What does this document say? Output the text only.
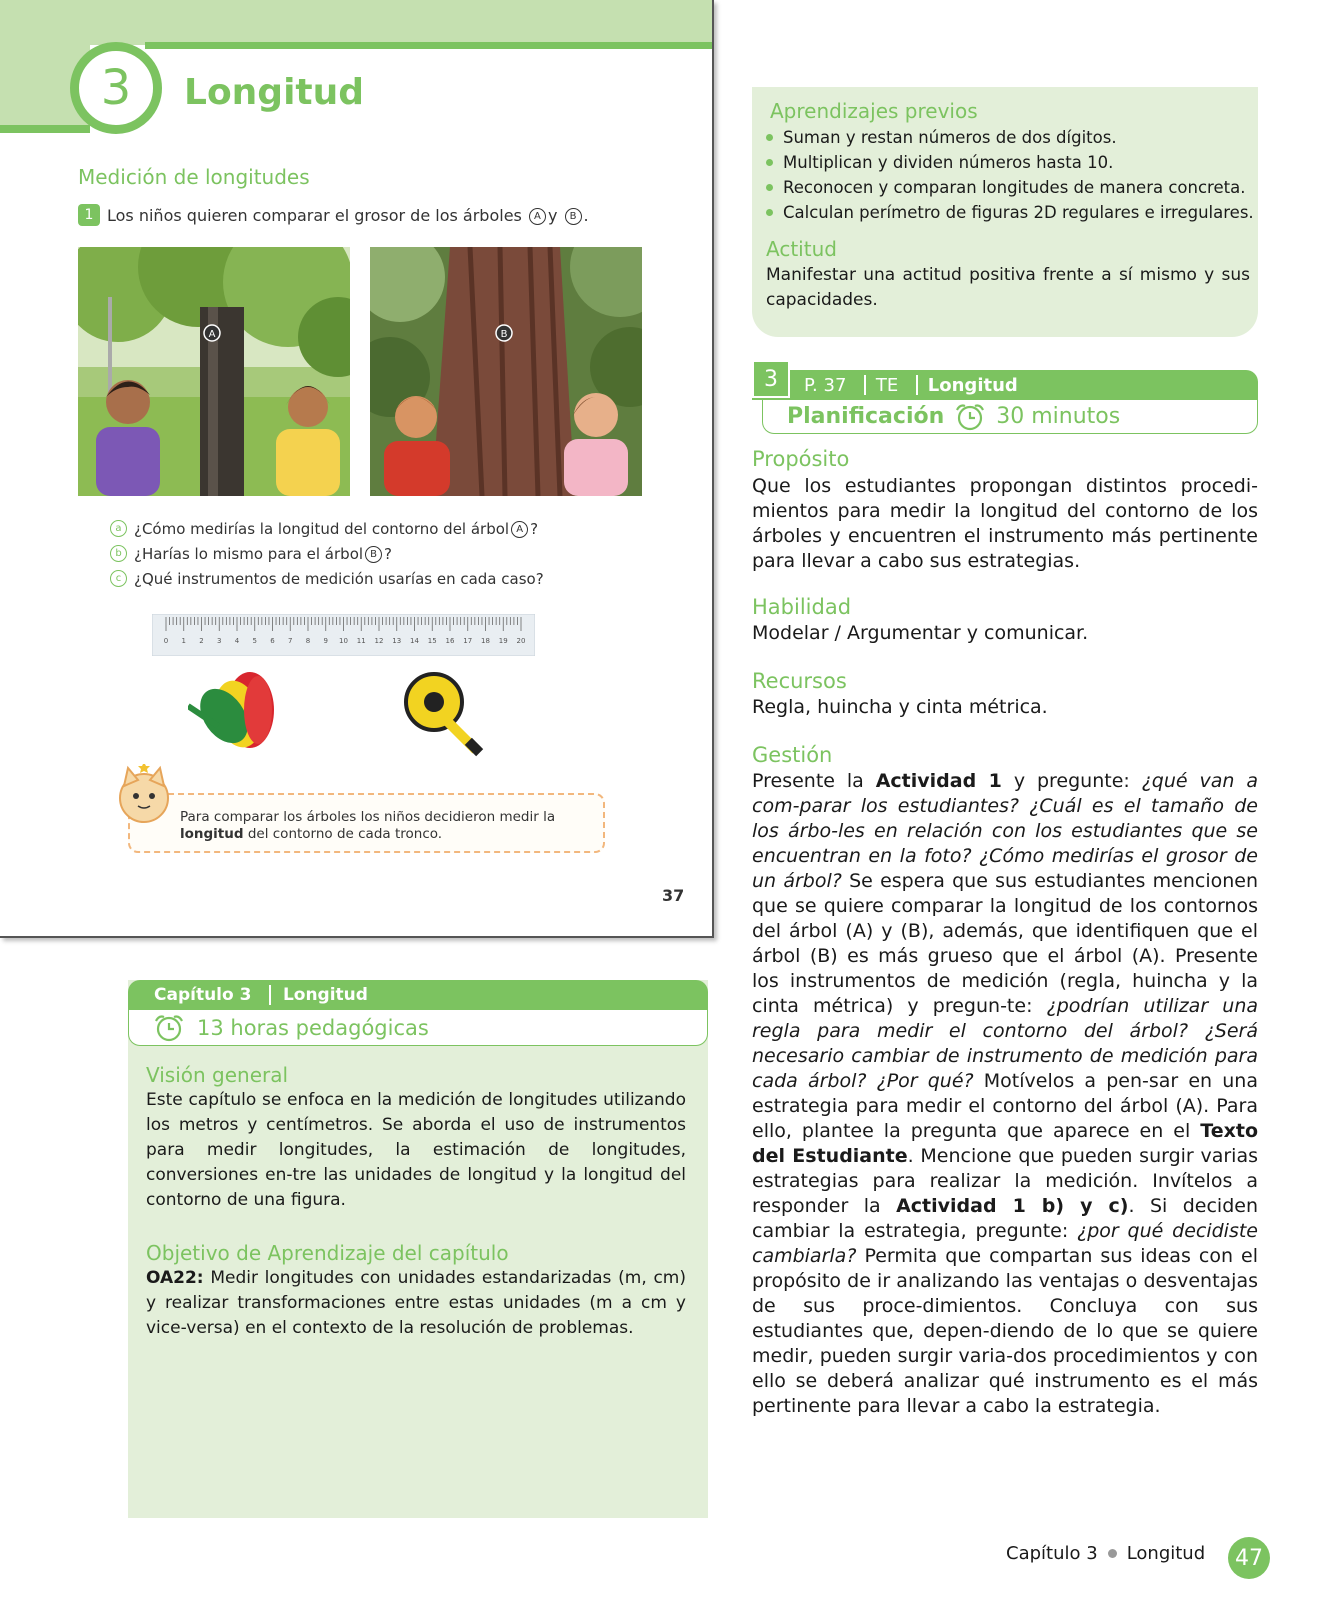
3	Longitud
Medición de longitudes
1 Los niños quieren comparar el grosor de los árboles A y B .
A	B
a ¿Cómo medirías la longitud del contorno del árbol A ?
b ¿Harías lo mismo para el árbol B ?
c ¿Qué instrumentos de medición usarías en cada caso?
0 1 2 3 4 5 6 7 8 9 10 11 12 13 14 15 16 17 18 19 20
Para comparar los árboles los niños decidieron medir la
longitud del contorno de cada tronco.
37
Capítulo 3 Longitud
13 horas pedagógicas
Visión general
Este capítulo se enfoca en la medición de longitudes utilizando los metros y centímetros. Se aborda el uso de instrumentos para medir longitudes, la estimación de longitudes, conversiones en-tre las unidades de longitud y la longitud del contorno de una figura.
Objetivo de Aprendizaje del capítulo
OA22: Medir longitudes con unidades estandarizadas (m, cm) y realizar transformaciones entre estas unidades (m a cm y vice-versa) en el contexto de la resolución de problemas.
Aprendizajes previos
Suman y restan números de dos dígitos.
Multiplican y dividen números hasta 10.
Reconocen y comparan longitudes de manera concreta.
Calculan perímetro de figuras 2D regulares e irregulares.
Actitud
Manifestar una actitud positiva frente a sí mismo y sus capacidades.
P. 37 TE Longitud
3
Planificación 30 minutos
Propósito
Que los estudiantes propongan distintos procedi-mientos para medir la longitud del contorno de los árboles y encuentren el instrumento más pertinente para llevar a cabo sus estrategias.
Habilidad
Modelar / Argumentar y comunicar.
Recursos
Regla, huincha y cinta métrica.
Gestión
Presente la Actividad 1 y pregunte: ¿qué van a com-parar los estudiantes? ¿Cuál es el tamaño de los árbo-les en relación con los estudiantes que se encuentran en la foto? ¿Cómo medirías el grosor de un árbol? Se espera que sus estudiantes mencionen que se quiere comparar la longitud de los contornos del árbol (A) y (B), además, que identifiquen que el árbol (B) es más grueso que el árbol (A). Presente los instrumentos de medición (regla, huincha y la cinta métrica) y pregun-te: ¿podrían utilizar una regla para medir el contorno del árbol? ¿Será necesario cambiar de instrumento de medición para cada árbol? ¿Por qué? Motívelos a pen-sar en una estrategia para medir el contorno del árbol (A). Para ello, plantee la pregunta que aparece en el Texto del Estudiante. Mencione que pueden surgir varias estrategias para realizar la medición. Invítelos a responder la Actividad 1 b) y c). Si deciden cambiar la estrategia, pregunte: ¿por qué decidiste cambiarla? Permita que compartan sus ideas con el propósito de ir analizando las ventajas o desventajas de sus proce-dimientos. Concluya con sus estudiantes que, depen-diendo de lo que se quiere medir, pueden surgir varia-dos procedimientos y con ello se deberá analizar qué instrumento es el más pertinente para llevar a cabo la estrategia.
Capítulo 3 Longitud	47
